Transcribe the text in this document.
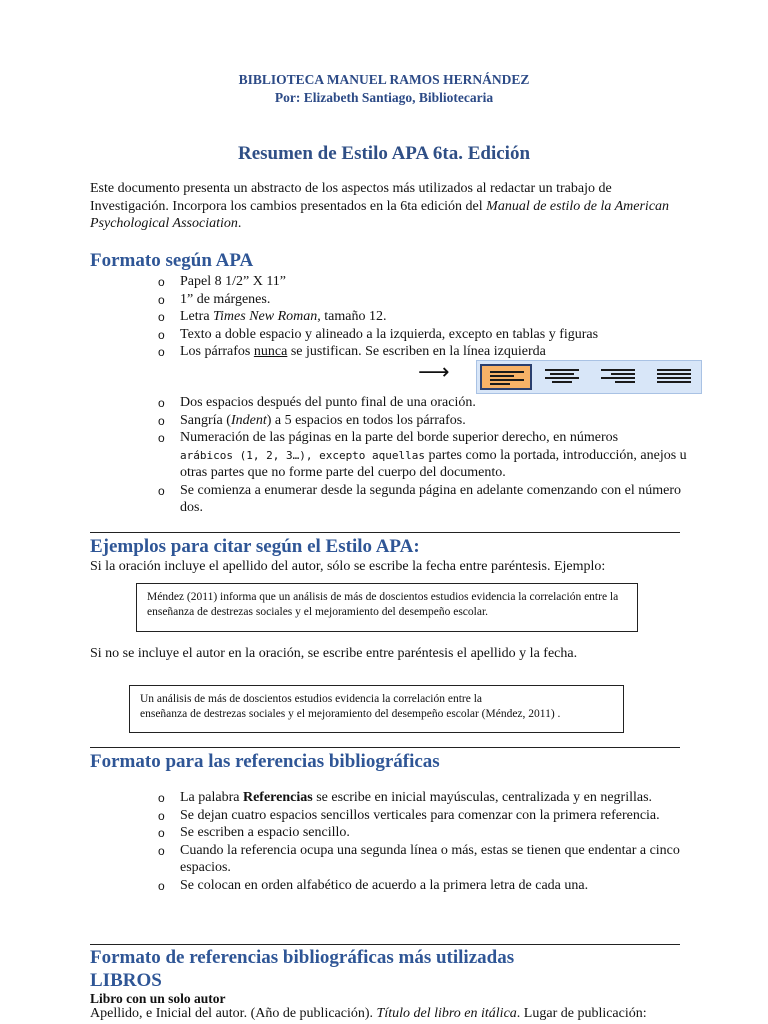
BIBLIOTECA MANUEL RAMOS HERNÁNDEZ
Por: Elizabeth Santiago, Bibliotecaria
Resumen de Estilo APA 6ta. Edición
Este documento presenta un abstracto de los aspectos más utilizados al redactar un trabajo de Investigación. Incorpora los cambios presentados en la 6ta edición del Manual de estilo de la American Psychological Association.
Formato según APA
o Papel 8 1/2” X 11”
o 1” de márgenes.
o Letra Times New Roman, tamaño 12.
o Texto a doble espacio y alineado a la izquierda, excepto en tablas y figuras
o Los párrafos nunca se justifican. Se escriben en la línea izquierda
⟶
o Dos espacios después del punto final de una oración.
o Sangría (Indent) a 5 espacios en todos los párrafos.
o Numeración de las páginas en la parte del borde superior derecho, en números
arábicos (1, 2, 3…), excepto aquellas partes como la portada, introducción, anejos u otras partes que no forme parte del cuerpo del documento.
o Se comienza a enumerar desde la segunda página en adelante comenzando con el número dos.
Ejemplos para citar según el Estilo APA:
Si la oración incluye el apellido del autor, sólo se escribe la fecha entre paréntesis. Ejemplo:
Méndez (2011) informa que un análisis de más de doscientos estudios evidencia la correlación entre la enseñanza de destrezas sociales y el mejoramiento del desempeño escolar.
Si no se incluye el autor en la oración, se escribe entre paréntesis el apellido y la fecha.
Un análisis de más de doscientos estudios evidencia la correlación entre la
enseñanza de destrezas sociales y el mejoramiento del desempeño escolar (Méndez, 2011) .
Formato para las referencias bibliográficas
o La palabra Referencias se escribe en inicial mayúsculas, centralizada y en negrillas.
o Se dejan cuatro espacios sencillos verticales para comenzar con la primera referencia.
o Se escriben a espacio sencillo.
o Cuando la referencia ocupa una segunda línea o más, estas se tienen que endentar a cinco espacios.
o Se colocan en orden alfabético de acuerdo a la primera letra de cada una.
Formato de referencias bibliográficas más utilizadas
LIBROS
Libro con un solo autor
Apellido, e Inicial del autor. (Año de publicación). Título del libro en itálica. Lugar de publicación:
